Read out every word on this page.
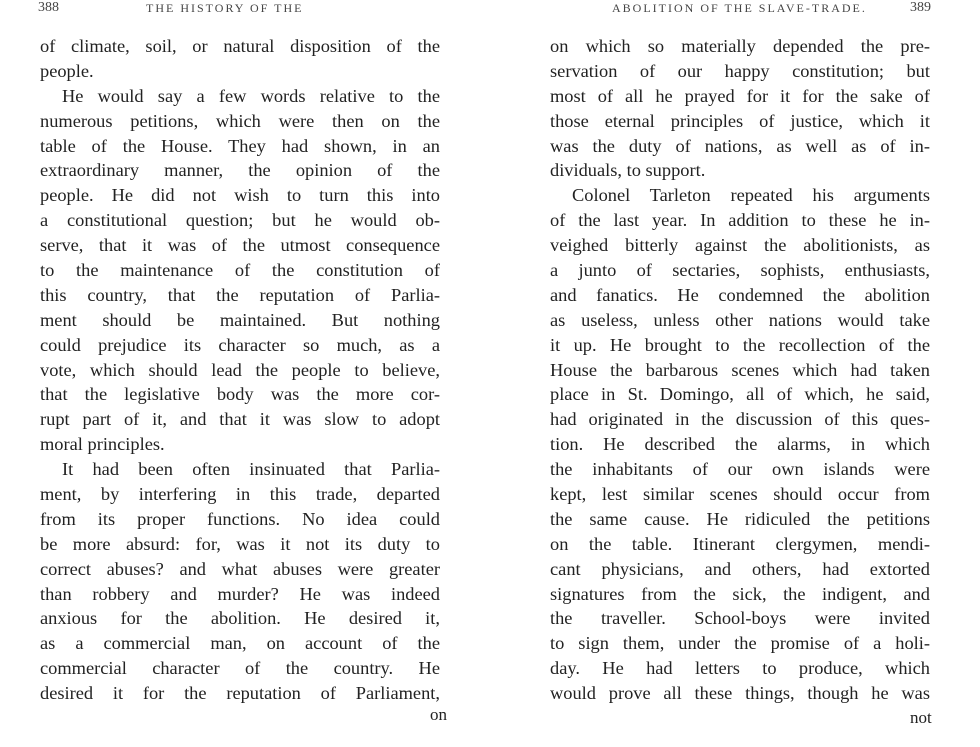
388	THE HISTORY OF THE
of climate, soil, or natural disposition of the
people.
He would say a few words relative to the
numerous petitions, which were then on the
table of the House. They had shown, in an
extraordinary manner, the opinion of the
people. He did not wish to turn this into
a constitutional question; but he would ob-
serve, that it was of the utmost consequence
to the maintenance of the constitution of
this country, that the reputation of Parlia-
ment should be maintained. But nothing
could prejudice its character so much, as a
vote, which should lead the people to believe,
that the legislative body was the more cor-
rupt part of it, and that it was slow to adopt
moral principles.
It had been often insinuated that Parlia-
ment, by interfering in this trade, departed
from its proper functions. No idea could
be more absurd: for, was it not its duty to
correct abuses? and what abuses were greater
than robbery and murder? He was indeed
anxious for the abolition. He desired it,
as a commercial man, on account of the
commercial character of the country. He
desired it for the reputation of Parliament,
on
ABOLITION OF THE SLAVE-TRADE.	389
on which so materially depended the pre-
servation of our happy constitution; but
most of all he prayed for it for the sake of
those eternal principles of justice, which it
was the duty of nations, as well as of in-
dividuals, to support.
Colonel Tarleton repeated his arguments
of the last year. In addition to these he in-
veighed bitterly against the abolitionists, as
a junto of sectaries, sophists, enthusiasts,
and fanatics. He condemned the abolition
as useless, unless other nations would take
it up. He brought to the recollection of the
House the barbarous scenes which had taken
place in St. Domingo, all of which, he said,
had originated in the discussion of this ques-
tion. He described the alarms, in which
the inhabitants of our own islands were
kept, lest similar scenes should occur from
the same cause. He ridiculed the petitions
on the table. Itinerant clergymen, mendi-
cant physicians, and others, had extorted
signatures from the sick, the indigent, and
the traveller. School-boys were invited
to sign them, under the promise of a holi-
day. He had letters to produce, which
would prove all these things, though he was
not
